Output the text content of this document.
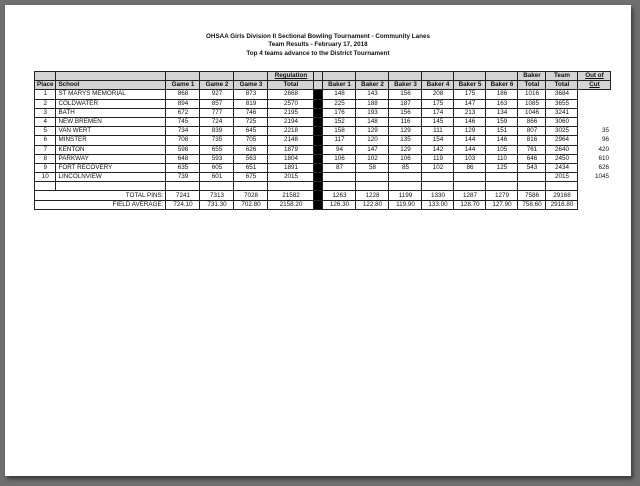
OHSAA Girls Division II Sectional Bowling Tournament - Community Lanes
Team Results - February 17, 2018
Top 4 teams advance to the District Tournament
					Regulation								Baker	Team	Out of
Place	School	Game 1	Game 2	Game 3	Total		Baker 1	Baker 2	Baker 3	Baker 4	Baker 5	Baker 6	Total	Total	Cut
1	ST MARYS MEMORIAL	868	927	873	2668		148	143	156	208	175	186	1016	3684	
2	COLDWATER	894	857	819	2570		225	188	187	175	147	163	1085	3655	
3	BATH	672	777	746	2195		176	193	156	174	213	134	1046	3241	
4	NEW BREMEN	745	724	725	2194		152	148	116	145	146	159	866	3060	
5	VAN WERT	734	839	645	2218		158	129	129	111	129	151	807	3025	35
6	MINSTER	708	735	705	2148		117	120	135	154	144	146	816	2964	96
7	KENTON	598	655	626	1879		94	147	129	142	144	105	761	2640	420
8	PARKWAY	648	593	563	1804		106	102	106	119	103	110	646	2450	610
9	FORT RECOVERY	635	605	651	1891		87	58	85	102	86	125	543	2434	626
10	LINCOLNVIEW	739	601	675	2015									2015	1045

TOTAL PINS:		7241	7313	7028	21582		1263	1228	1199	1330	1287	1279	7586	29168	
FIELD AVERAGE:		724.10	731.30	702.80	2158.20		126.30	122.80	119.90	133.00	128.70	127.90	758.60	2916.80	
